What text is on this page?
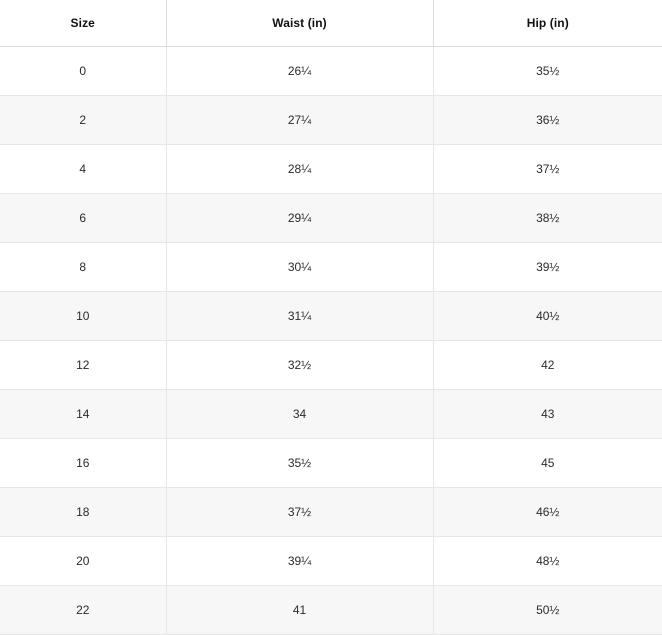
Size	Waist (in)	Hip (in)
0	26¼	35½
2	27¼	36½
4	28¼	37½
6	29¼	38½
8	30¼	39½
10	31¼	40½
12	32½	42
14	34	43
16	35½	45
18	37½	46½
20	39¼	48½
22	41	50½
